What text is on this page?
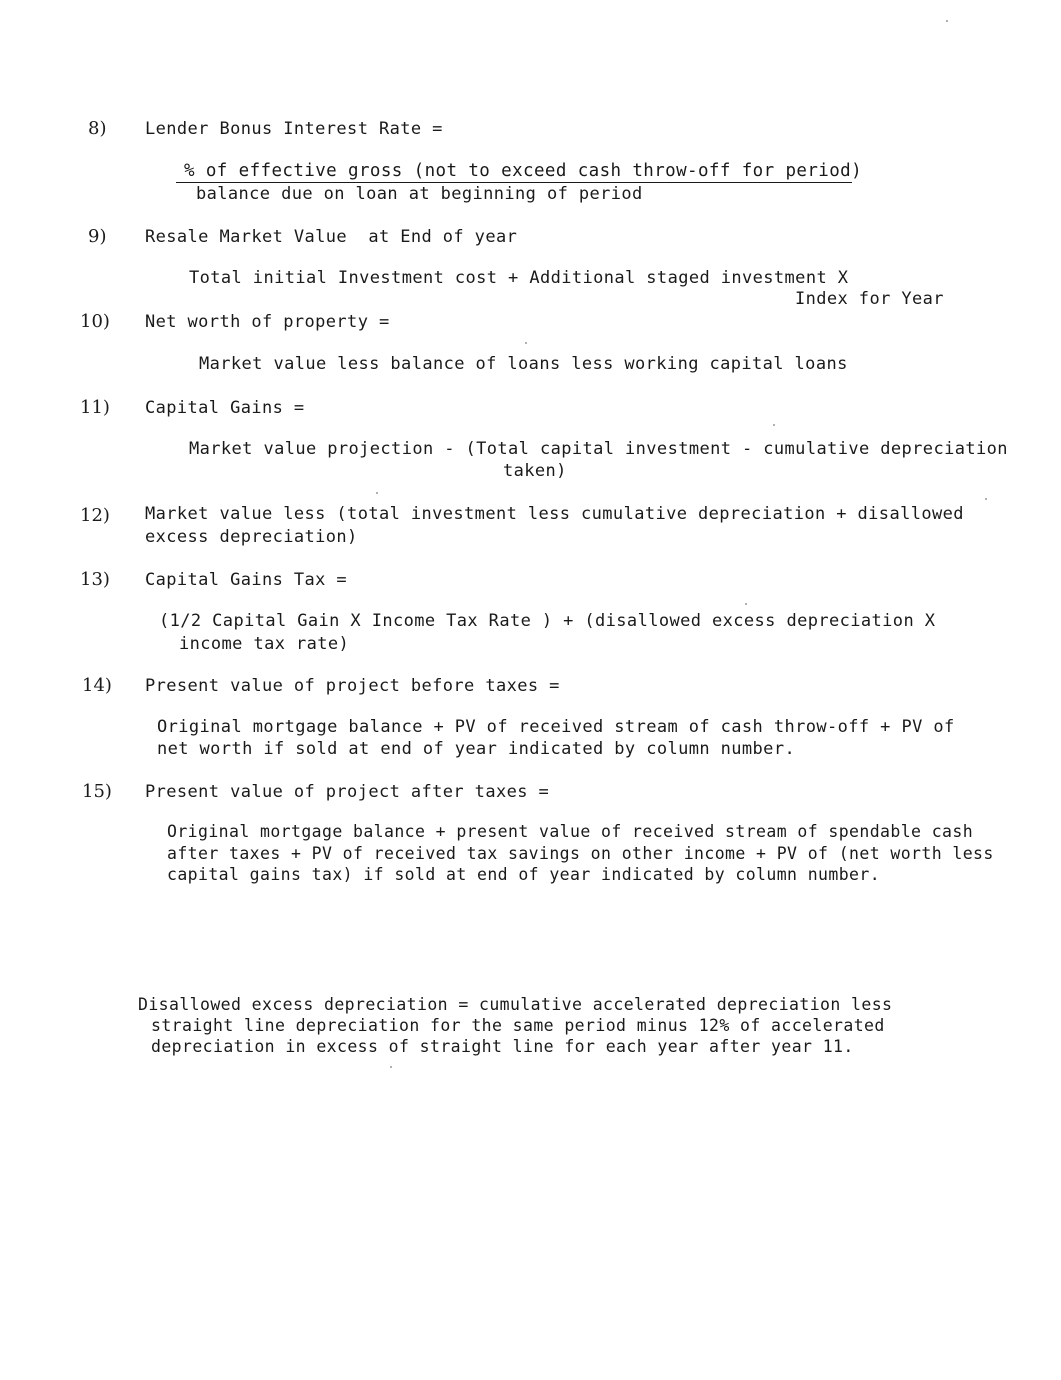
8) Lender Bonus Interest Rate =
% of effective gross (not to exceed cash throw-off for period)
balance due on loan at beginning of period
9) Resale Market Value  at End of year
Total initial Investment cost + Additional staged investment X
Index for Year
10) Net worth of property =
Market value less balance of loans less working capital loans
11) Capital Gains =
Market value projection - (Total capital investment - cumulative depreciation
taken)
12) Market value less (total investment less cumulative depreciation + disallowed
excess depreciation)
13) Capital Gains Tax =
(1/2 Capital Gain X Income Tax Rate ) + (disallowed excess depreciation X
income tax rate)
14) Present value of project before taxes =
Original mortgage balance + PV of received stream of cash throw-off + PV of
net worth if sold at end of year indicated by column number.
15) Present value of project after taxes =
Original mortgage balance + present value of received stream of spendable cash
after taxes + PV of received tax savings on other income + PV of (net worth less
capital gains tax) if sold at end of year indicated by column number.
Disallowed excess depreciation = cumulative accelerated depreciation less
straight line depreciation for the same period minus 12% of accelerated
depreciation in excess of straight line for each year after year 11.
